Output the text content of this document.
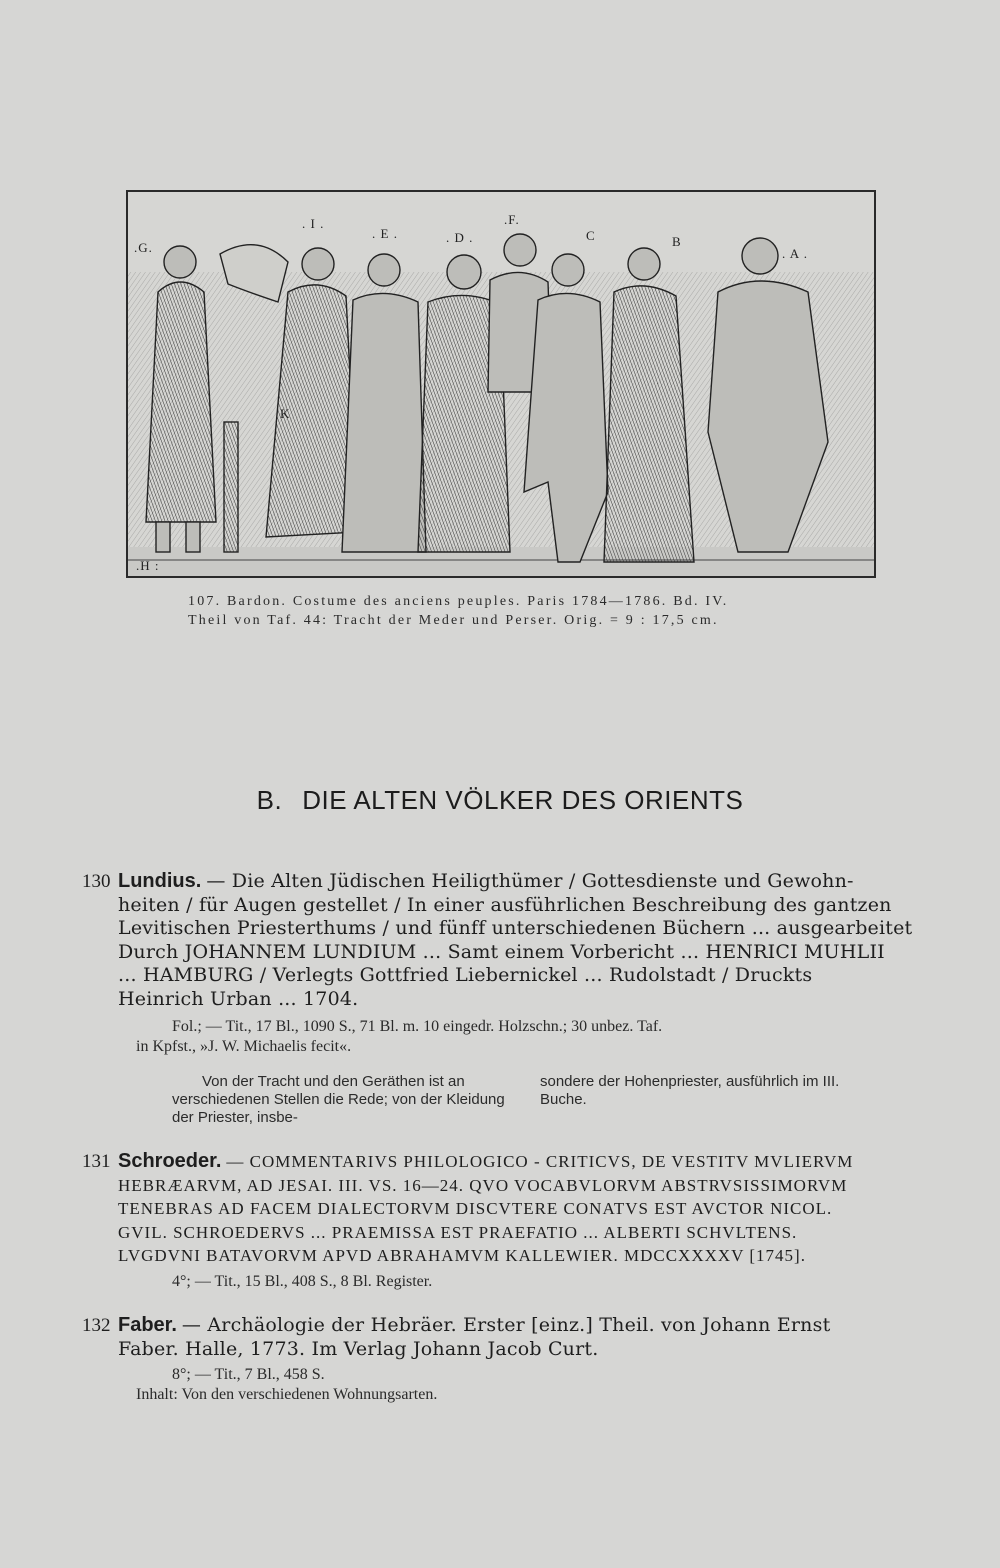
.G.
. I .
. E .	. D .
.F.
C	B
. A .
K
.H :
107. Bardon. Costume des anciens peuples. Paris 1784—1786. Bd. IV.
Theil von Taf. 44: Tracht der Meder und Perser. Orig. = 9 : 17,5 cm.
B. DIE ALTEN VÖLKER DES ORIENTS
130 Lundius. — Die Alten Jüdischen Heiligthümer / Gottesdienste und Gewohn-
heiten / für Augen gestellet / In einer ausführlichen Beschreibung des gantzen
Levitischen Priesterthums / und fünff unterschiedenen Büchern ... ausgearbeitet
Durch JOHANNEM LUNDIUM ... Samt einem Vorbericht ... HENRICI MUHLII
... HAMBURG / Verlegts Gottfried Liebernickel ... Rudolstadt / Druckts
Heinrich Urban ... 1704.
Fol.; — Tit., 17 Bl., 1090 S., 71 Bl. m. 10 eingedr. Holzschn.; 30 unbez. Taf.
in Kpfst., »J. W. Michaelis fecit«.

Von der Tracht und den Geräthen ist an verschiedenen Stellen die Rede; von der Kleidung der Priester, insbe-

sondere der Hohenpriester, ausführlich im III. Buche.

131 Schroeder. — COMMENTARIVS PHILOLOGICO - CRITICVS, DE VESTITV MVLIERVM
HEBRÆARVM, AD JESAI. III. VS. 16—24. QVO VOCABVLORVM ABSTRVSISSIMORVM
TENEBRAS AD FACEM DIALECTORVM DISCVTERE CONATVS EST AVCTOR NICOL.
GVIL. SCHROEDERVS ... PRAEMISSA EST PRAEFATIO ... ALBERTI SCHVLTENS.
LVGDVNI BATAVORVM APVD ABRAHAMVM KALLEWIER. MDCCXXXXV [1745].
4°; — Tit., 15 Bl., 408 S., 8 Bl. Register.
132 Faber. — Archäologie der Hebräer. Erster [einz.] Theil. von Johann Ernst
Faber. Halle, 1773. Im Verlag Johann Jacob Curt.
8°; — Tit., 7 Bl., 458 S.
Inhalt: Von den verschiedenen Wohnungsarten.
